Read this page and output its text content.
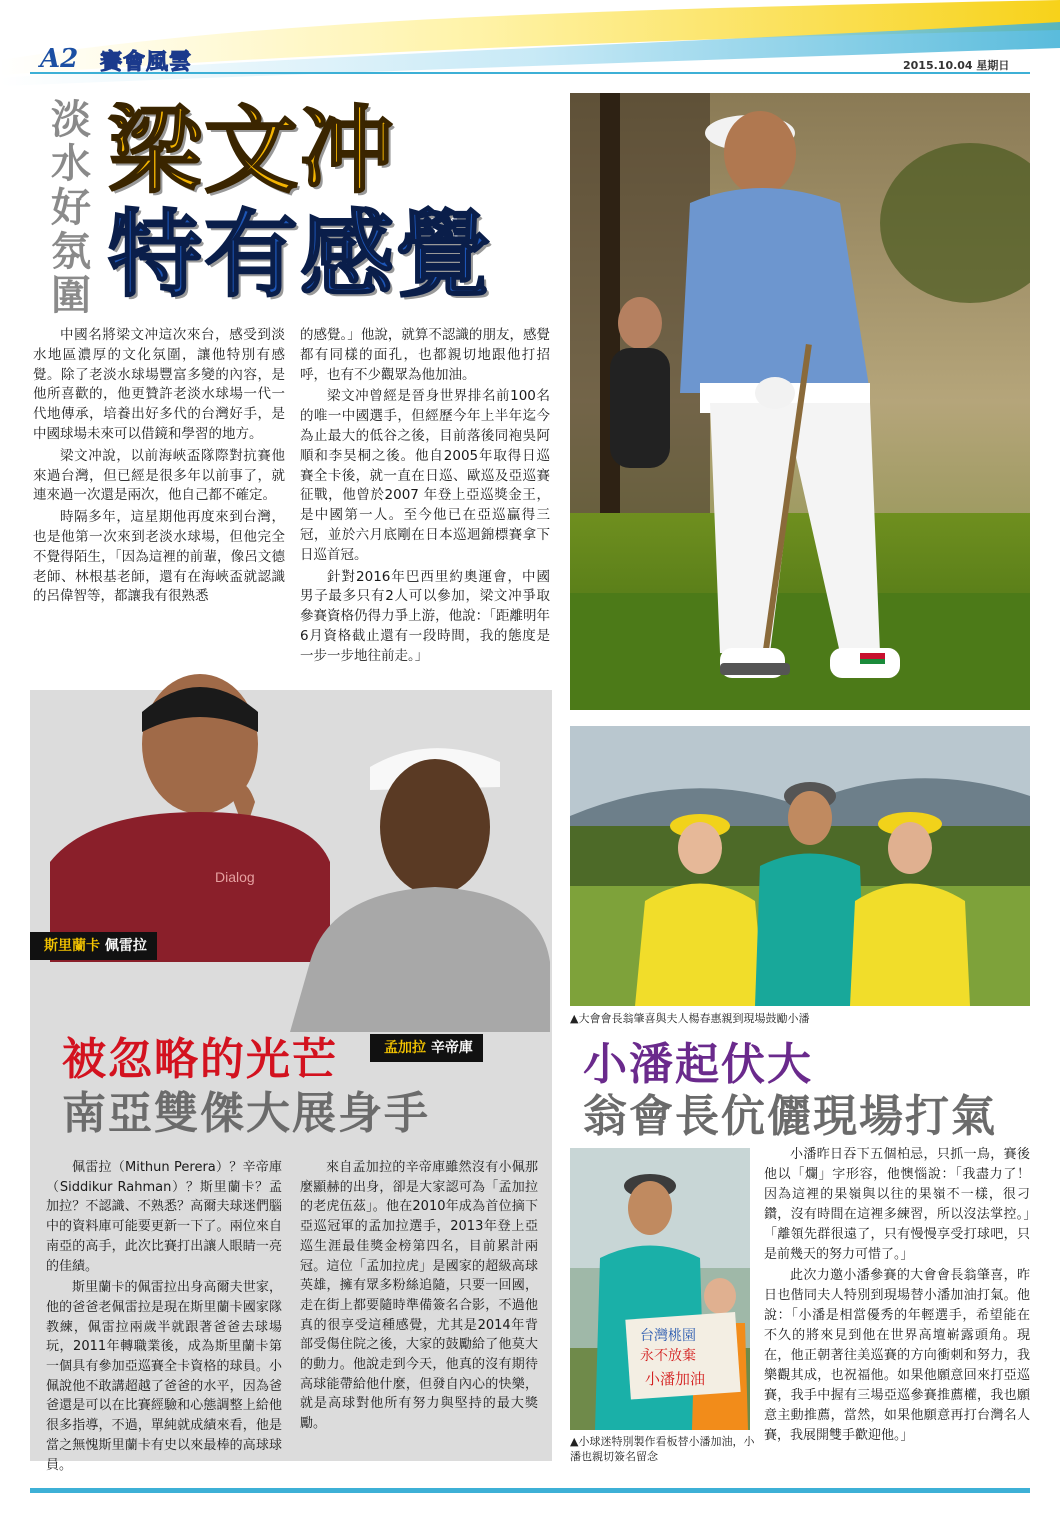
A2 賽會風雲	2015.10.04 星期日
淡
水
好
氛
圍
梁文冲
特有感覺

中國名將梁文冲這次來台，感受到淡水地區濃厚的文化氛圍，讓他特別有感覺。除了老淡水球場豐富多變的內容，是他所喜歡的，他更贊許老淡水球場一代一代地傳承，培養出好多代的台灣好手，是中國球場未來可以借鏡和學習的地方。

梁文冲說，以前海峽盃隊際對抗賽他來過台灣，但已經是很多年以前事了，就連來過一次還是兩次，他自己都不確定。

時隔多年，這星期他再度來到台灣，也是他第一次來到老淡水球場，但他完全不覺得陌生，「因為這裡的前輩，像呂文德老師、林根基老師，還有在海峽盃就認識的呂偉智等，都讓我有很熟悉

的感覺。」他說，就算不認識的朋友，感覺都有同樣的面孔，也都親切地跟他打招呼，也有不少觀眾為他加油。

梁文冲曾經是晉身世界排名前100名的唯一中國選手，但經歷今年上半年迄今為止最大的低谷之後，目前落後同袍吳阿順和李昊桐之後。他自2005年取得日巡賽全卡後，就一直在日巡、歐巡及亞巡賽征戰，他曾於2007 年登上亞巡獎金王，是中國第一人。至今他已在亞巡贏得三冠，並於六月底剛在日本巡迴錦標賽拿下日巡首冠。

針對2016年巴西里約奧運會，中國男子最多只有2人可以參加，梁文冲爭取參賽資格仍得力爭上游，他說：「距離明年6月資格截止還有一段時間，我的態度是一步一步地往前走。」

Dialog
斯里蘭卡 佩雷拉
孟加拉 辛帝庫
被忽略的光芒
南亞雙傑大展身手

佩雷拉（Mithun Perera）？辛帝庫（Siddikur Rahman）？斯里蘭卡？孟加拉？不認識、不熟悉？高爾夫球迷們腦中的資料庫可能要更新一下了。兩位來自南亞的高手，此次比賽打出讓人眼睛一亮的佳績。

斯里蘭卡的佩雷拉出身高爾夫世家，他的爸爸老佩雷拉是現在斯里蘭卡國家隊教練，佩雷拉兩歲半就跟著爸爸去球場玩，2011年轉職業後，成為斯里蘭卡第一個具有參加亞巡賽全卡資格的球員。小佩說他不敢講超越了爸爸的水平，因為爸爸還是可以在比賽經驗和心態調整上給他很多指導，不過，單純就成績來看，他是當之無愧斯里蘭卡有史以來最棒的高球球員。

來自孟加拉的辛帝庫雖然沒有小佩那麼顯赫的出身，卻是大家認可為「孟加拉的老虎伍茲」。他在2010年成為首位摘下亞巡冠軍的孟加拉選手，2013年登上亞巡生涯最佳獎金榜第四名，目前累計兩冠。這位「孟加拉虎」是國家的超級高球英雄，擁有眾多粉絲追隨，只要一回國，走在街上都要隨時準備簽名合影，不過他真的很享受這種感覺，尤其是2014年背部受傷住院之後，大家的鼓勵給了他莫大的動力。他說走到今天，他真的沒有期待高球能帶給他什麼，但發自內心的快樂，就是高球對他所有努力與堅持的最大獎勵。

▲大會會長翁肇喜與夫人楊春惠親到現場鼓勵小潘
小潘起伏大
翁會長伉儷現場打氣
台灣桃園
永不放棄
小潘加油
▲小球迷特別製作看板替小潘加油，小潘也親切簽名留念

小潘昨日吞下五個柏忌，只抓一鳥，賽後他以「爛」字形容，他懊惱說：「我盡力了！因為這裡的果嶺與以往的果嶺不一樣，很刁鑽，沒有時間在這裡多練習，所以沒法掌控。」「離領先群很遠了，只有慢慢享受打球吧，只是前幾天的努力可惜了。」

此次力邀小潘參賽的大會會長翁肇喜，昨日也偕同夫人特別到現場替小潘加油打氣。他說：「小潘是相當優秀的年輕選手，希望能在不久的將來見到他在世界高壇嶄露頭角。現在，他正朝著往美巡賽的方向衝刺和努力，我樂觀其成，也祝福他。如果他願意回來打亞巡賽，我手中握有三場亞巡參賽推薦權，我也願意主動推薦，當然，如果他願意再打台灣名人賽，我展開雙手歡迎他。」
